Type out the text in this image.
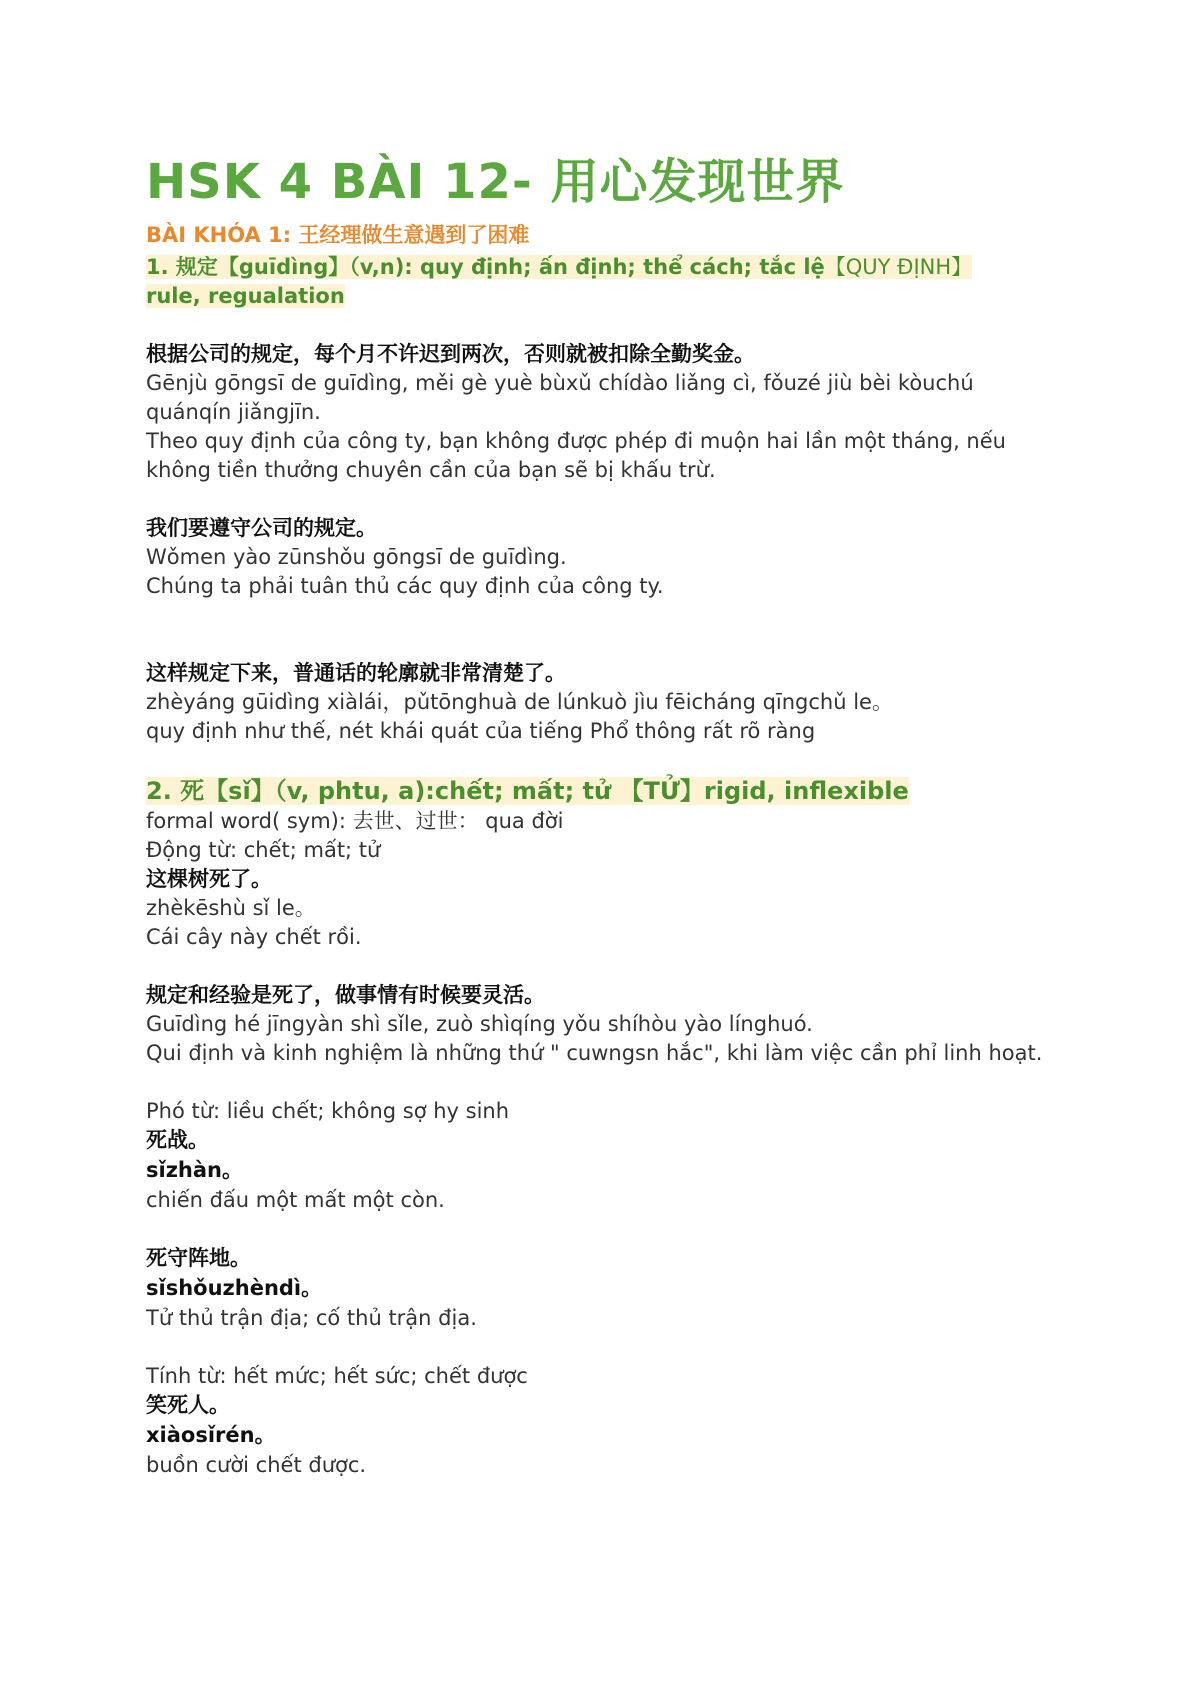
HSK 4 BÀI 12- 用心发现世界
BÀI KHÓA 1: 王经理做生意遇到了困难
1. 规定【guīdìng】（v,n): quy định; ấn định; thể cách; tắc lệ【QUY ĐỊNH】
rule, regualation
根据公司的规定，每个月不许迟到两次，否则就被扣除全勤奖金。
Gēnjù gōngsī de guīdìng, měi gè yuè bùxǔ chídào liǎng cì, fǒuzé jiù bèi kòuchú
quánqín jiǎngjīn.
Theo quy định của công ty, bạn không được phép đi muộn hai lần một tháng, nếu
không tiền thưởng chuyên cần của bạn sẽ bị khấu trừ.
我们要遵守公司的规定。
Wǒmen yào zūnshǒu gōngsī de guīdìng.
Chúng ta phải tuân thủ các quy định của công ty.
这样规定下来，普通话的轮廓就非常清楚了。
zhèyáng gūidìng xiàlái，pǔtōnghuà de lúnkuò jìu fēicháng qīngchǔ le。
quy định như thế, nét khái quát của tiếng Phổ thông rất rõ ràng
2. 死【sǐ】（v, phtu, a):chết; mất; tử 【TỬ】rigid, inflexible
formal word( sym): 去世、过世： qua đời
Động từ: chết; mất; tử
这棵树死了。
zhèkēshù sǐ le。
Cái cây này chết rồi.
规定和经验是死了，做事情有时候要灵活。
Guīdìng hé jīngyàn shì sǐle, zuò shìqíng yǒu shíhòu yào línghuó.
Qui định và kinh nghiệm là những thứ " cuwngsn hắc", khi làm việc cần phỉ linh hoạt.
Phó từ: liều chết; không sợ hy sinh
死战。
sǐzhàn。
chiến đấu một mất một còn.
死守阵地。
sǐshǒuzhèndì。
Tử thủ trận địa; cố thủ trận địa.
Tính từ: hết mức; hết sức; chết được
笑死人。
xiàosǐrén。
buồn cười chết được.
